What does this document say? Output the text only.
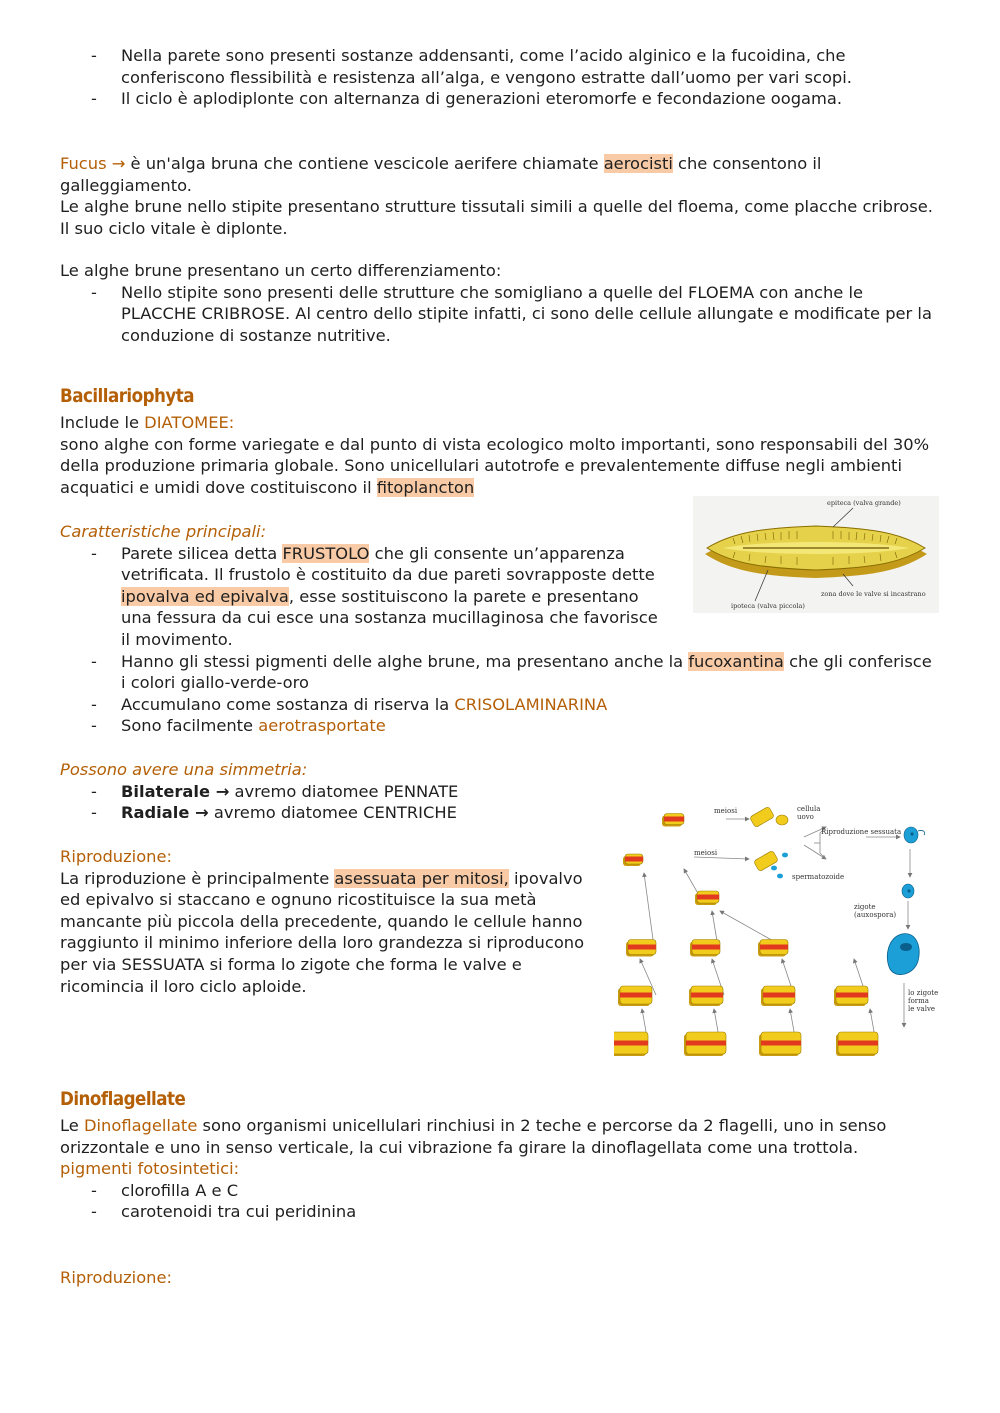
- Nella parete sono presenti sostanze addensanti, come l’acido alginico e la fucoidina, che conferiscono flessibilità e resistenza all’alga, e vengono estratte dall’uomo per vari scopi.
- Il ciclo è aplodiplonte con alternanza di generazioni eteromorfe e fecondazione oogama.

Fucus → è un'alga bruna che contiene vescicole aerifere chiamate aerocisti che consentono il galleggiamento.

Le alghe brune nello stipite presentano strutture tissutali simili a quelle del floema, come placche cribrose. Il suo ciclo vitale è diplonte.

Le alghe brune presentano un certo differenziamento:

- Nello stipite sono presenti delle strutture che somigliano a quelle del FLOEMA con anche le PLACCHE CRIBROSE. Al centro dello stipite infatti, ci sono delle cellule allungate e modificate per la conduzione di sostanze nutritive.
Bacillariophyta

Include le DIATOMEE:

sono alghe con forme variegate e dal punto di vista ecologico molto importanti, sono responsabili del 30% della produzione primaria globale. Sono unicellulari autotrofe e prevalentemente diffuse negli ambienti acquatici e umidi dove costituiscono il fitoplancton

Caratteristiche principali:

- Parete silicea detta FRUSTOLO che gli consente un’apparenza vetrificata. Il frustolo è costituito da due pareti sovrapposte dette ipovalva ed epivalva, esse sostituiscono la parete e presentano una fessura da cui esce una sostanza mucillaginosa che favorisce il movimento.
- Hanno gli stessi pigmenti delle alghe brune, ma presentano anche la fucoxantina che gli conferisce i colori giallo-verde-oro
- Accumulano come sostanza di riserva la CRISOLAMINARINA
- Sono facilmente aerotrasportate
epiteca (valva grande)
ipoteca (valva piccola)
zona dove le valve si incastrano

Possono avere una simmetria:

- Bilaterale → avremo diatomee PENNATE
- Radiale → avremo diatomee CENTRICHE

Riproduzione:

La riproduzione è principalmente asessuata per mitosi, ipovalvo ed epivalvo si staccano e ognuno ricostituisce la sua metà mancante più piccola della precedente, quando le cellule hanno raggiunto il minimo inferiore della loro grandezza si riproducono per via SESSUATA si forma lo zigote che forma le valve e ricomincia il loro ciclo aploide.

meiosi	cellula
uovo
meiosi
Riproduzione sessuata
spermatozoide
zigote
(auxospora)
lo zigote
forma
le valve
Dinoflagellate

Le Dinoflagellate sono organismi unicellulari rinchiusi in 2 teche e percorse da 2 flagelli, uno in senso orizzontale e uno in senso verticale, la cui vibrazione fa girare la dinoflagellata come una trottola.

pigmenti fotosintetici:

- clorofilla A e C
- carotenoidi tra cui peridinina

Riproduzione:
